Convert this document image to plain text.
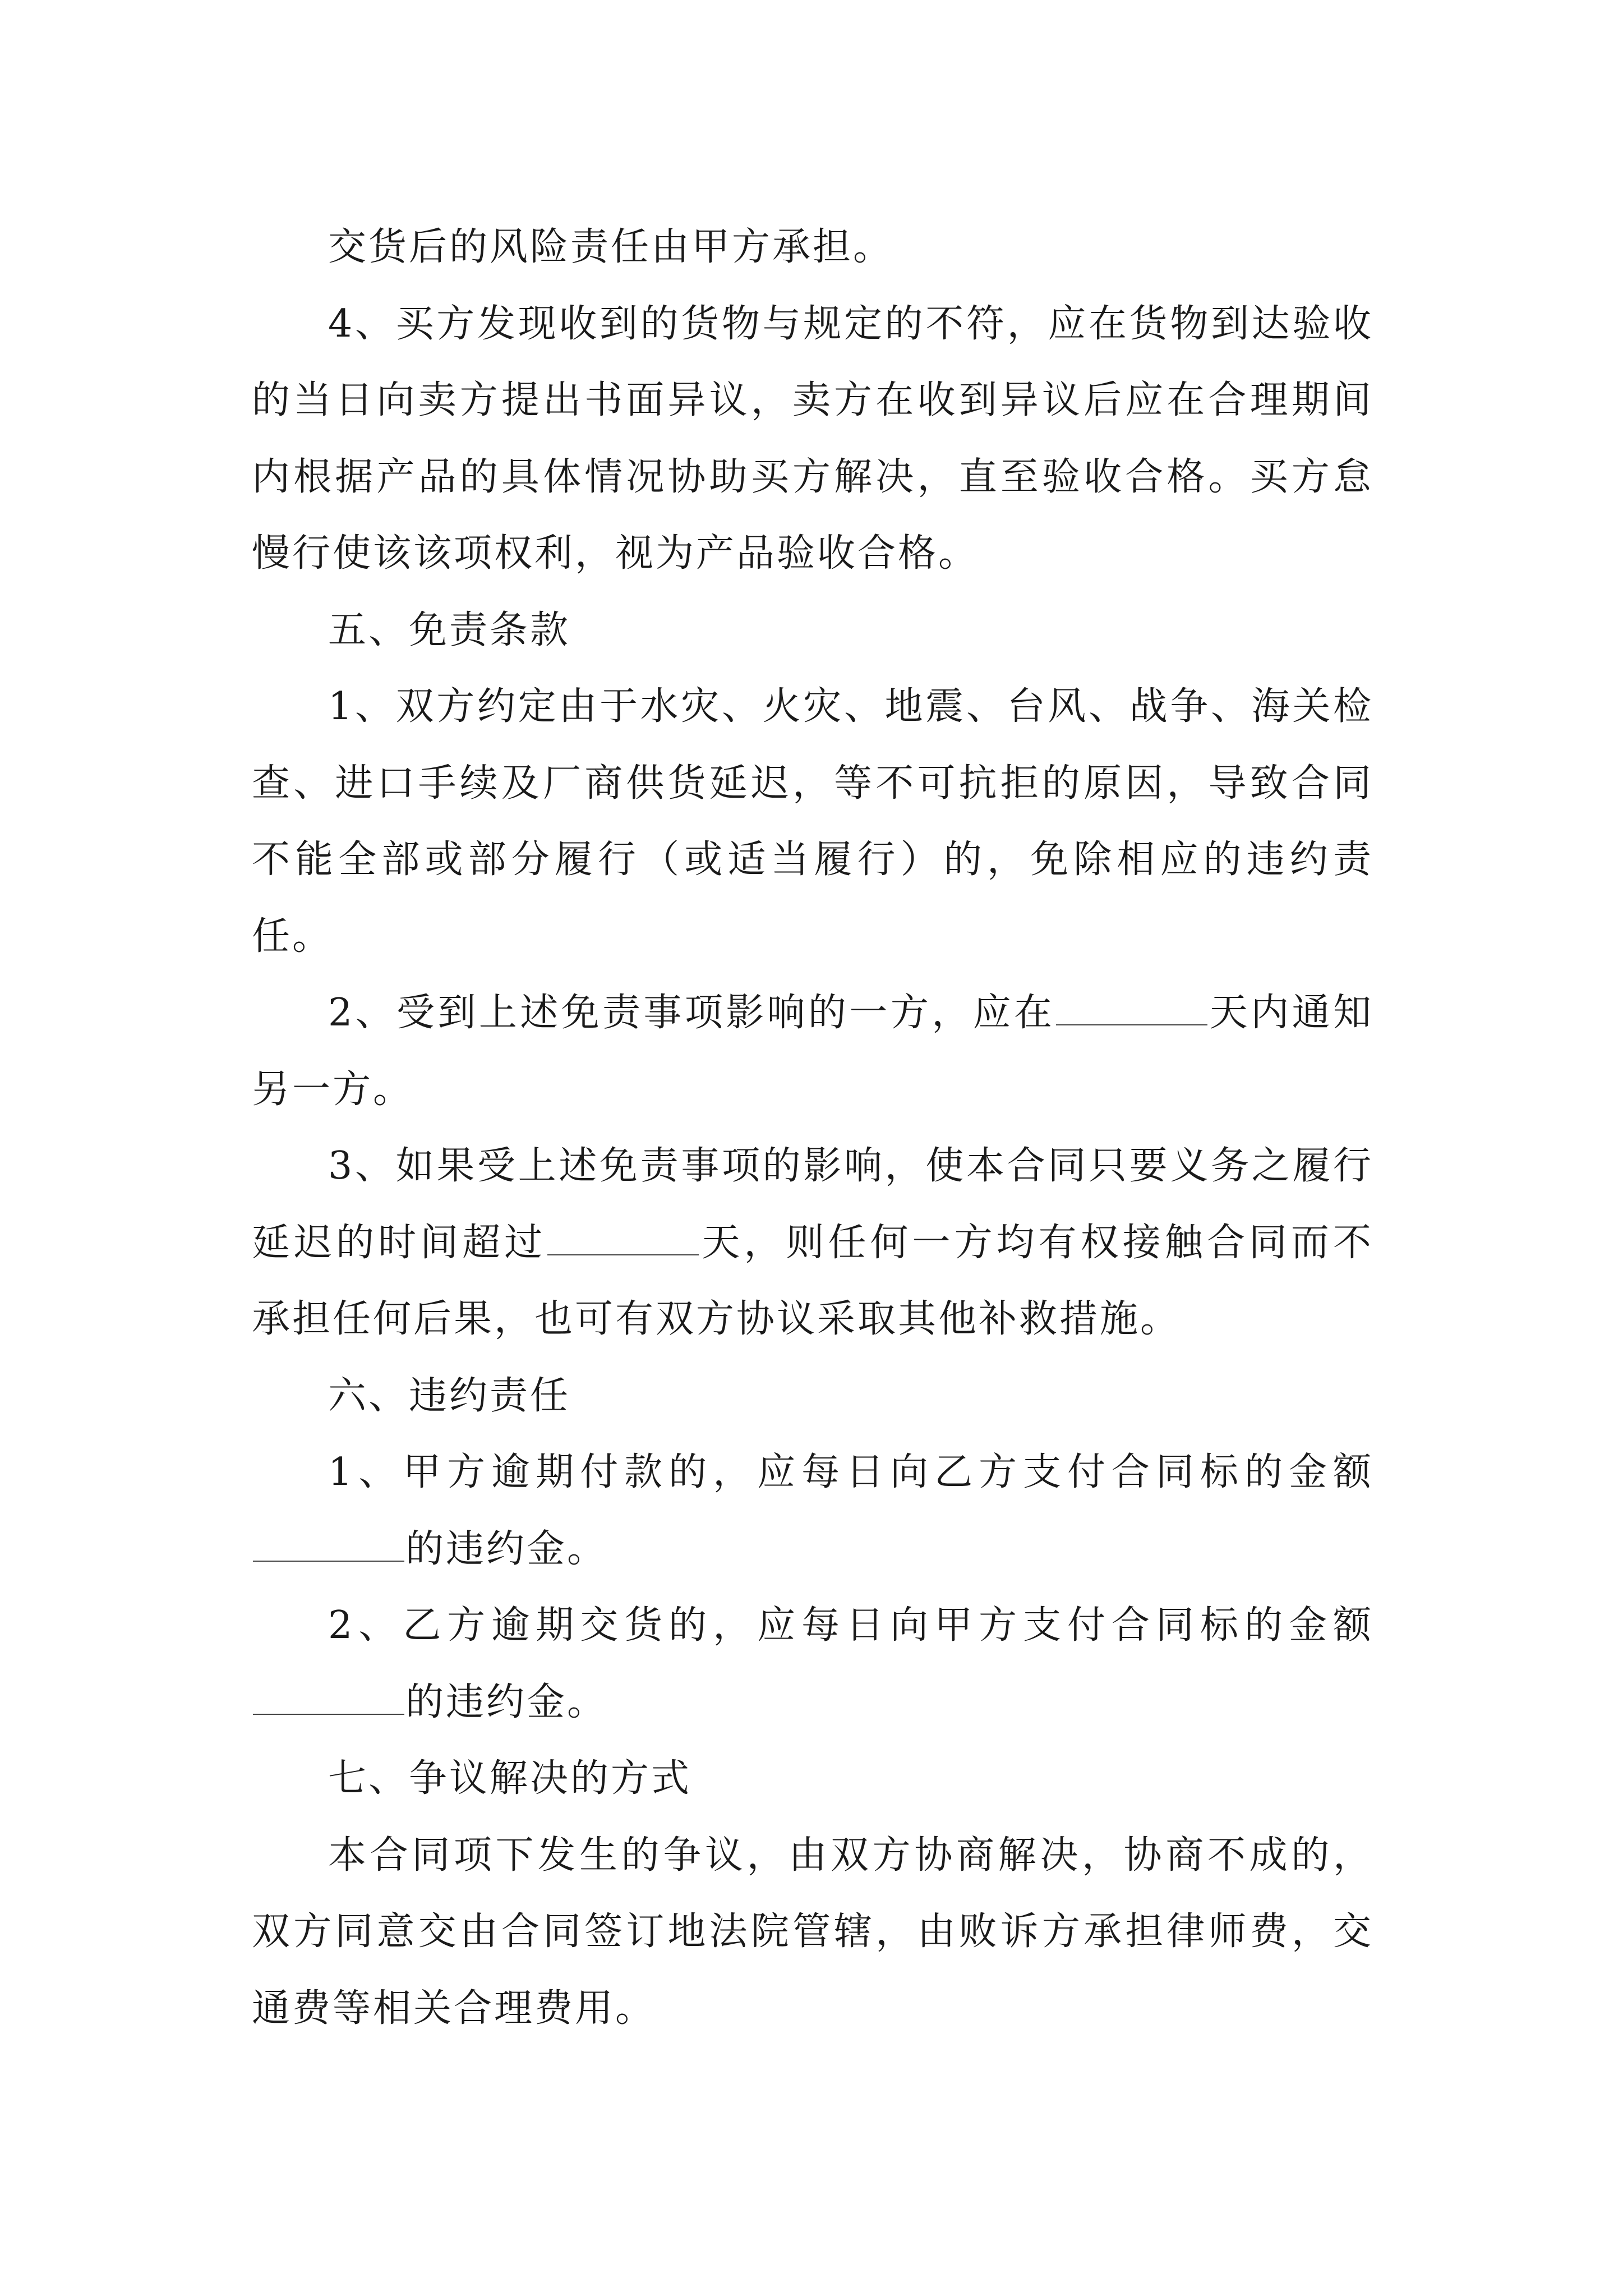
交货后的风险责任由甲方承担。

4、买方发现收到的货物与规定的不符，应在货物到达验收的当日向卖方提出书面异议，卖方在收到异议后应在合理期间内根据产品的具体情况协助买方解决，直至验收合格。买方怠慢行使该该项权利，视为产品验收合格。

五、免责条款

1、双方约定由于水灾、火灾、地震、台风、战争、海关检查、进口手续及厂商供货延迟，等不可抗拒的原因，导致合同不能全部或部分履行（或适当履行）的，免除相应的违约责任。

2、受到上述免责事项影响的一方，应在	天内通知另一方。

3、如果受上述免责事项的影响，使本合同只要义务之履行延迟的时间超过	天，则任何一方均有权接触合同而不承担任何后果，也可有双方协议采取其他补救措施。

六、违约责任

1、甲方逾期付款的，应每日向乙方支付合同标的金额的违约金。

2、乙方逾期交货的，应每日向甲方支付合同标的金额的违约金。

七、争议解决的方式

本合同项下发生的争议，由双方协商解决，协商不成的，双方同意交由合同签订地法院管辖，由败诉方承担律师费，交通费等相关合理费用。
